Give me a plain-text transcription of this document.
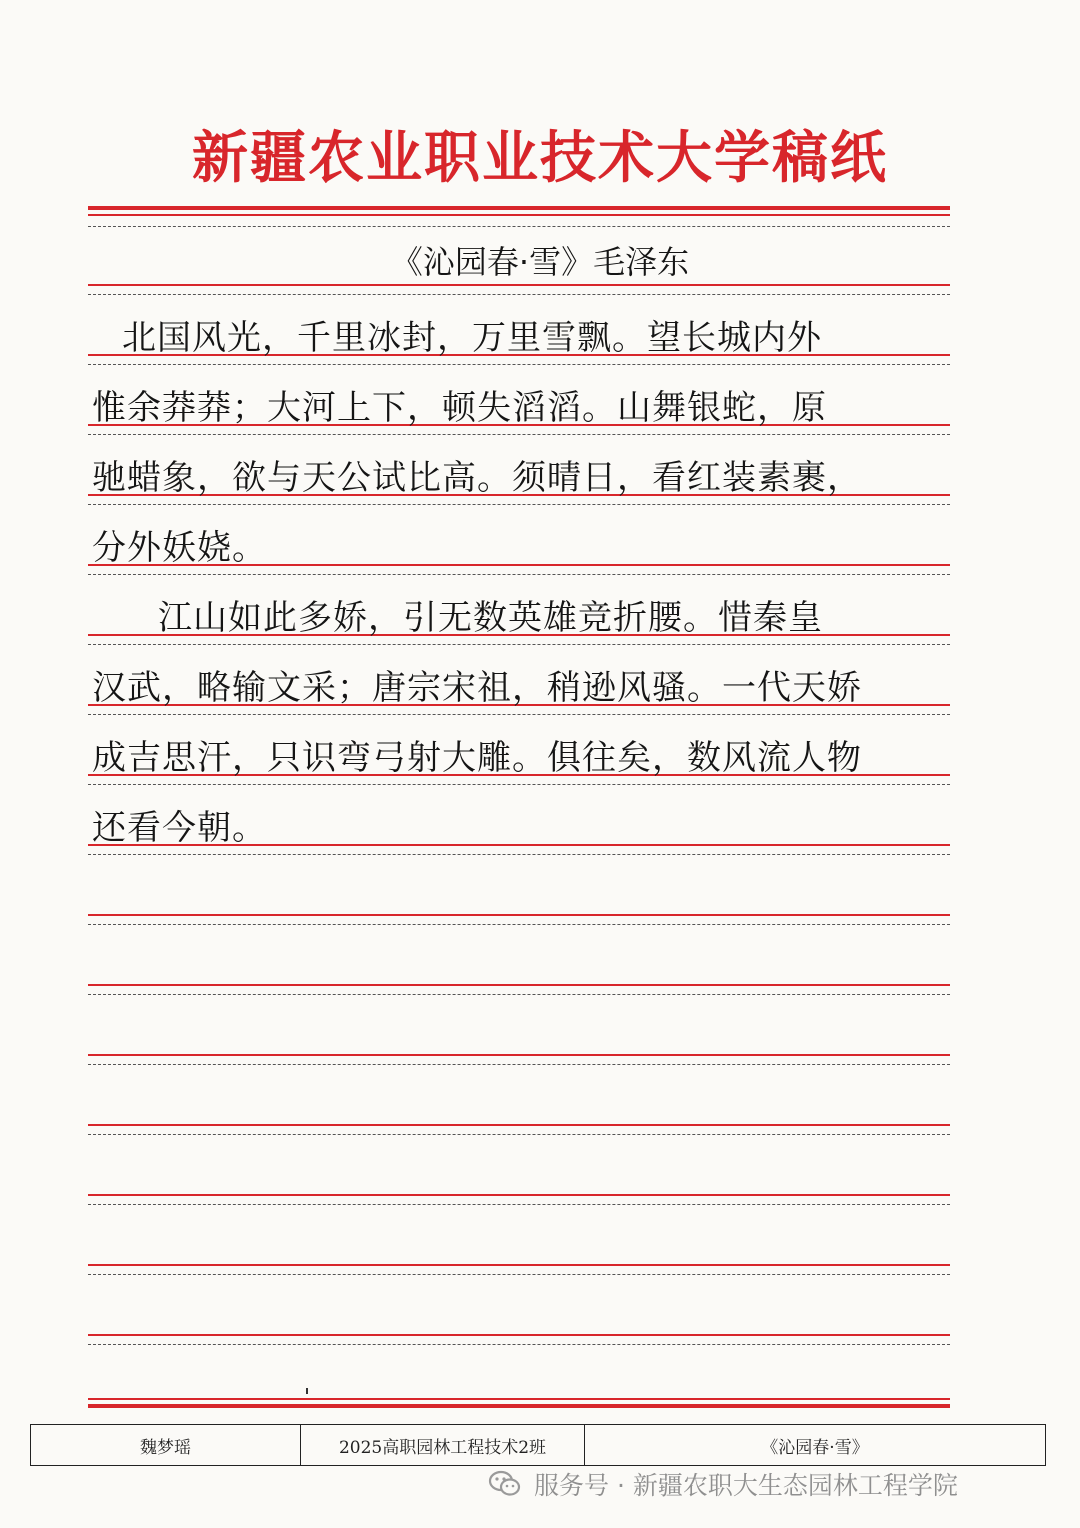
新疆农业职业技术大学稿纸
《沁园春·雪》毛泽东
北国风光，千里冰封，万里雪飘。望长城内外
惟余莽莽；大河上下，顿失滔滔。山舞银蛇，原
驰蜡象，欲与天公试比高。须晴日，看红装素裹，
分外妖娆。
江山如此多娇，引无数英雄竞折腰。惜秦皇
汉武，略输文采；唐宗宋祖，稍逊风骚。一代天娇
成吉思汗，只识弯弓射大雕。俱往矣，数风流人物
还看今朝。
魏梦瑶	2025高职园林工程技术2班	《沁园春·雪》
服务号 · 新疆农职大生态园林工程学院
